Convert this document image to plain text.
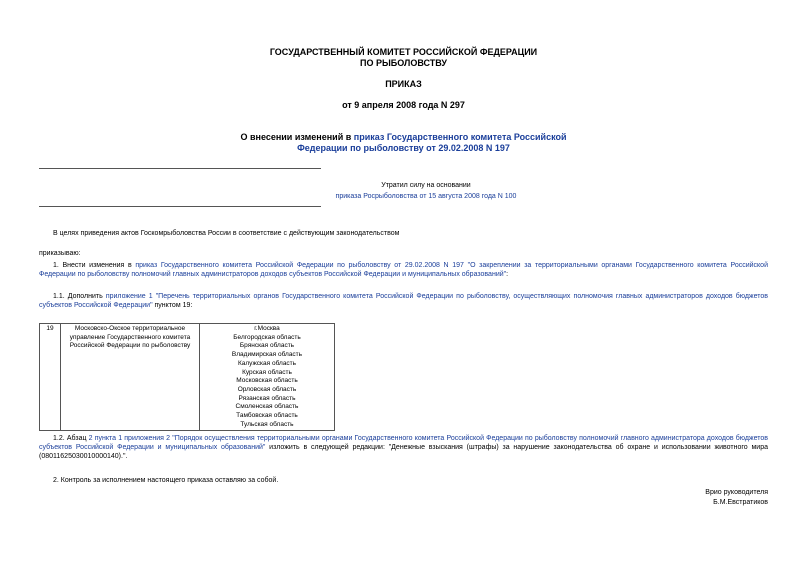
ГОСУДАРСТВЕННЫЙ КОМИТЕТ РОССИЙСКОЙ ФЕДЕРАЦИИ
ПО РЫБОЛОВСТВУ
ПРИКАЗ
от 9 апреля 2008 года N 297
О внесении изменений в приказ Государственного комитета Российской
Федерации по рыболовству от 29.02.2008 N 197
Утратил силу на основании
приказа Росрыболовства от 15 августа 2008 года N 100
В целях приведения актов Госкомрыболовства России в соответствие с действующим законодательством
приказываю:
1. Внести изменения в приказ Государственного комитета Российской Федерации по рыболовству от 29.02.2008 N 197 "О закреплении за территориальными органами Государственного комитета Российской Федерации по рыболовству полномочий главных администраторов доходов субъектов Российской Федерации и муниципальных образований":
1.1. Дополнить приложение 1 "Перечень территориальных органов Государственного комитета Российской Федерации по рыболовству, осуществляющих полномочия главных администраторов доходов бюджетов субъектов Российской Федерации" пунктом 19:
19	Московско-Окское территориальное управление Государственного комитета Российской Федерации по рыболовству	
г.Москва
Белгородская область
Брянская область
Владимирская область
Калужская область
Курская область
Московская область
Орловская область
Рязанская область
Смоленская область
Тамбовская область
Тульская область
1.2. Абзац 2 пункта 1 приложения 2 "Порядок осуществления территориальными органами Государственного комитета Российской Федерации по рыболовству полномочий главного администратора доходов бюджетов субъектов Российской Федерации и муниципальных образований" изложить в следующей редакции: "Денежные взыскания (штрафы) за нарушение законодательства об охране и использовании животного мира (08011625030010000140).".
2. Контроль за исполнением настоящего приказа оставляю за собой.
Врио руководителя
Б.М.Евстратиков
